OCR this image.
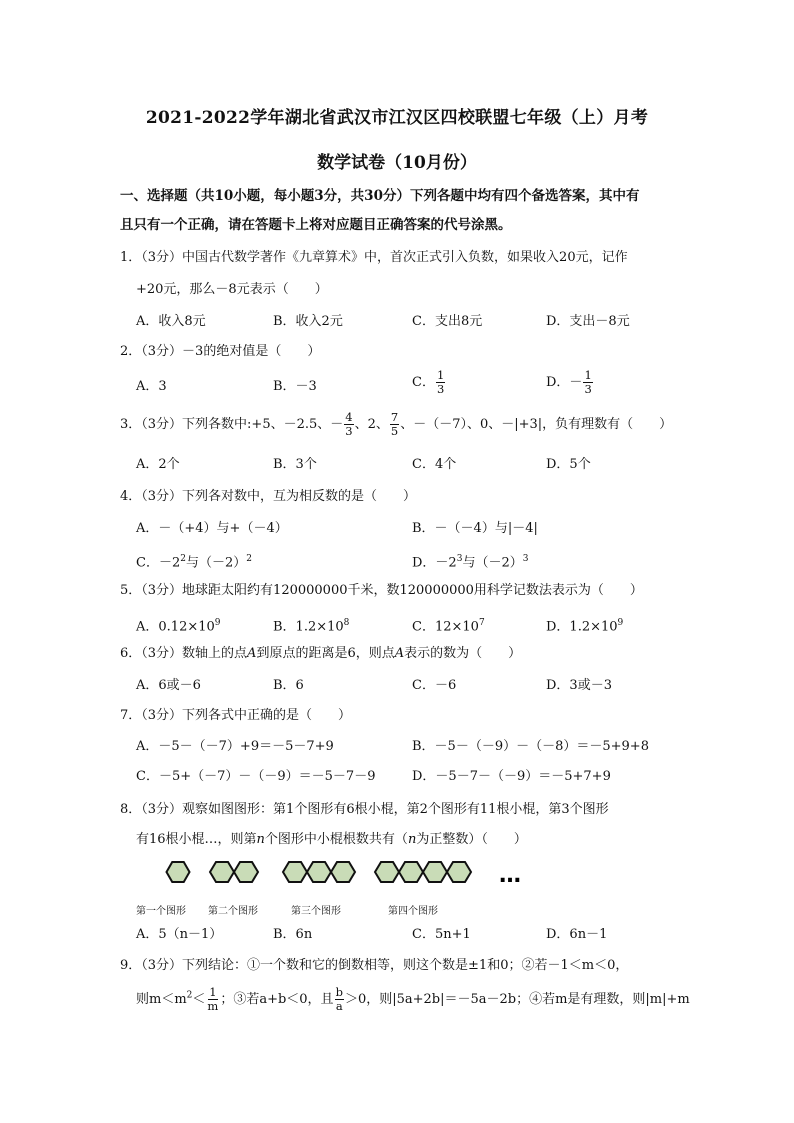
2021-2022学年湖北省武汉市江汉区四校联盟七年级（上）月考
数学试卷（10月份）
一、选择题（共10小题，每小题3分，共30分）下列各题中均有四个备选答案，其中有
且只有一个正确，请在答题卡上将对应题目正确答案的代号涂黑。
1．（3分）中国古代数学著作《九章算术》中，首次正式引入负数，如果收入20元，记作
+20元，那么－8元表示（　　）
A．收入8元	B．收入2元	C．支出8元	D．支出－8元
2．（3分）－3的绝对值是（　　）
A．3	B．－3	C． $\frac{1}{3}$	D．－ $\frac{1}{3}$
3．（3分）下列各数中:+5、－2.5、－ $\frac{4}{3}$ 、2、 $\frac{7}{5}$ 、－（－7）、0、－|+3|，负有理数有（　　）
A．2个	B．3个	C．4个	D．5个
4．（3分）下列各对数中，互为相反数的是（　　）
A．－（+4）与+（－4）	B．－（－4）与|－4|
C．$-2^2$与$(-2)^2$	D．$-2^3$与$(-2)^3$
5．（3分）地球距太阳约有120000000千米，数120000000用科学记数法表示为（　　）
A．$0.12\times 10^9$	B．$1.2\times 10^8$	C．$12\times 10^7$	D．$1.2\times 10^9$
6．（3分）数轴上的点A到原点的距离是6，则点A表示的数为（　　）
A．6或－6	B．6	C．－6	D．3或－3
7．（3分）下列各式中正确的是（　　）
A．－5－（－7）+9＝－5－7+9	B．－5－（－9）－（－8）＝－5+9+8
C．－5+（－7）－（－9）＝－5－7－9	D．－5－7－（－9）＝－5+7+9
8．（3分）观察如图图形：第1个图形有6根小棍，第2个图形有11根小棍，第3个图形
有16根小棍…，则第n个图形中小棍根数共有（n为正整数）（　　）
…
第一个图形 第二个图形	第三个图形	第四个图形
A．5（n－1）	B．6n	C．5n+1	D．6n－1
9．（3分）下列结论：①一个数和它的倒数相等，则这个数是±1和0；②若－1＜m＜0，
则$m<m^2< \frac{1}{m}$ ；③若a+b＜0，且 $\frac{b}{a} >0$，则|5a+2b|＝－5a－2b；④若m是有理数，则|m|+m
